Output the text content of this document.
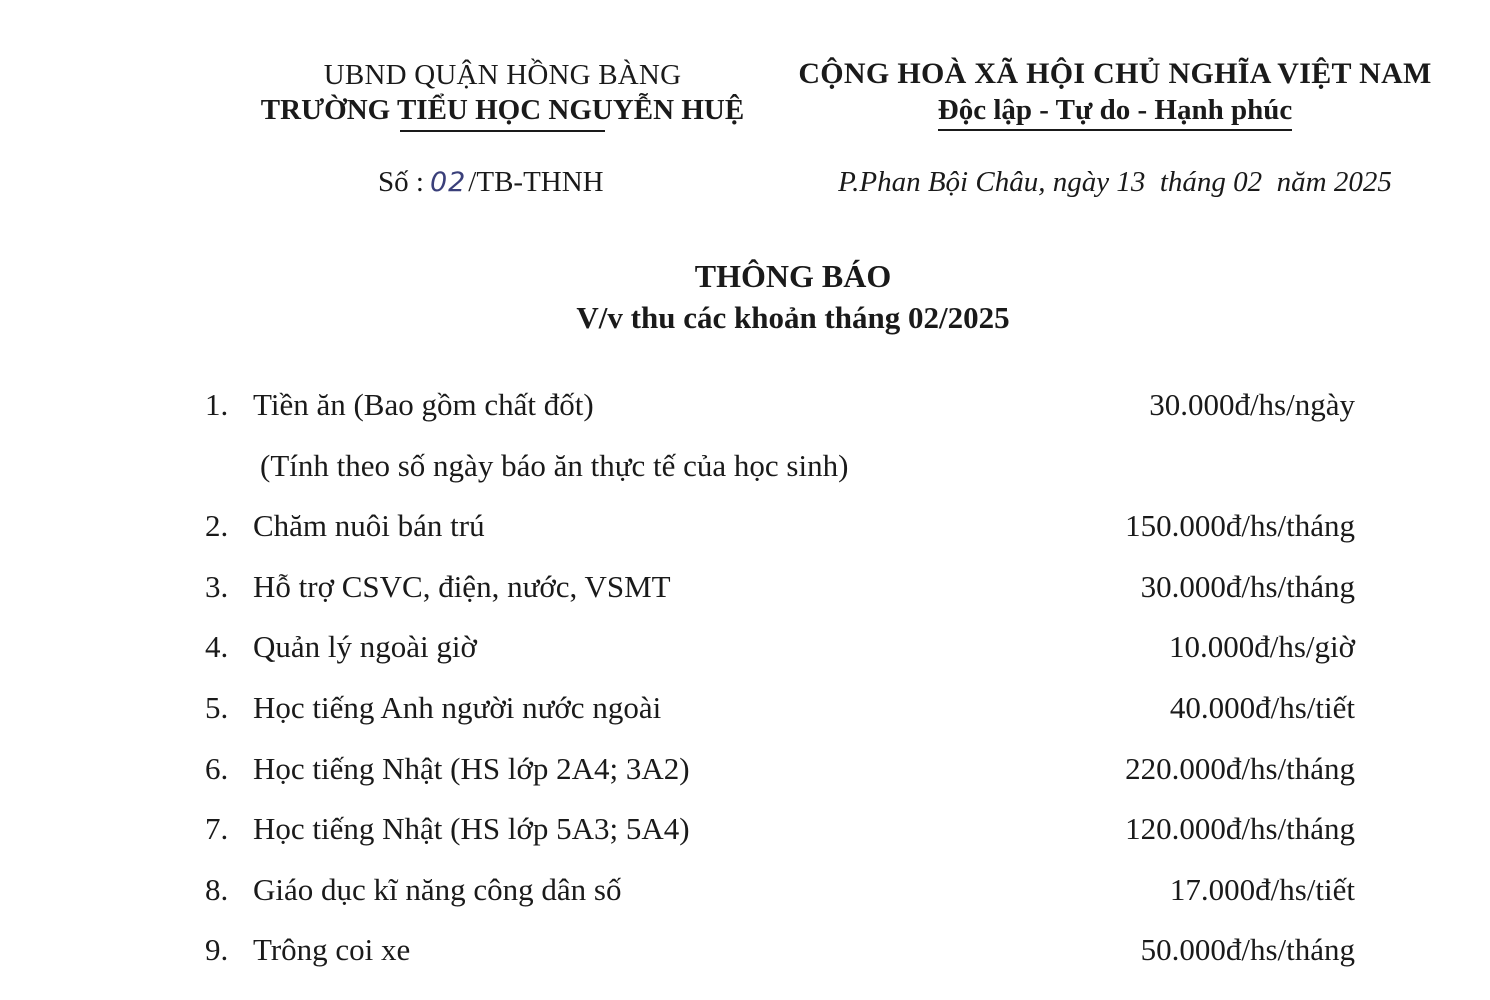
UBND QUẬN HỒNG BÀNG
TRƯỜNG TIỂU HỌC NGUYỄN HUỆ
CỘNG HOÀ XÃ HỘI CHỦ NGHĨA VIỆT NAM
Độc lập - Tự do - Hạnh phúc
Số : 02/TB-THNH	P.Phan Bội Châu, ngày 13  tháng 02  năm 2025
THÔNG BÁO
V/v thu các khoản tháng 02/2025
1. Tiền ăn (Bao gồm chất đốt)	30.000đ/hs/ngày
(Tính theo số ngày báo ăn thực tế của học sinh)
2. Chăm nuôi bán trú	150.000đ/hs/tháng
3. Hỗ trợ CSVC, điện, nước, VSMT	30.000đ/hs/tháng
4. Quản lý ngoài giờ	10.000đ/hs/giờ
5. Học tiếng Anh người nước ngoài	40.000đ/hs/tiết
6. Học tiếng Nhật (HS lớp 2A4; 3A2)	220.000đ/hs/tháng
7. Học tiếng Nhật (HS lớp 5A3; 5A4)	120.000đ/hs/tháng
8. Giáo dục kĩ năng công dân số	17.000đ/hs/tiết
9. Trông coi xe	50.000đ/hs/tháng
